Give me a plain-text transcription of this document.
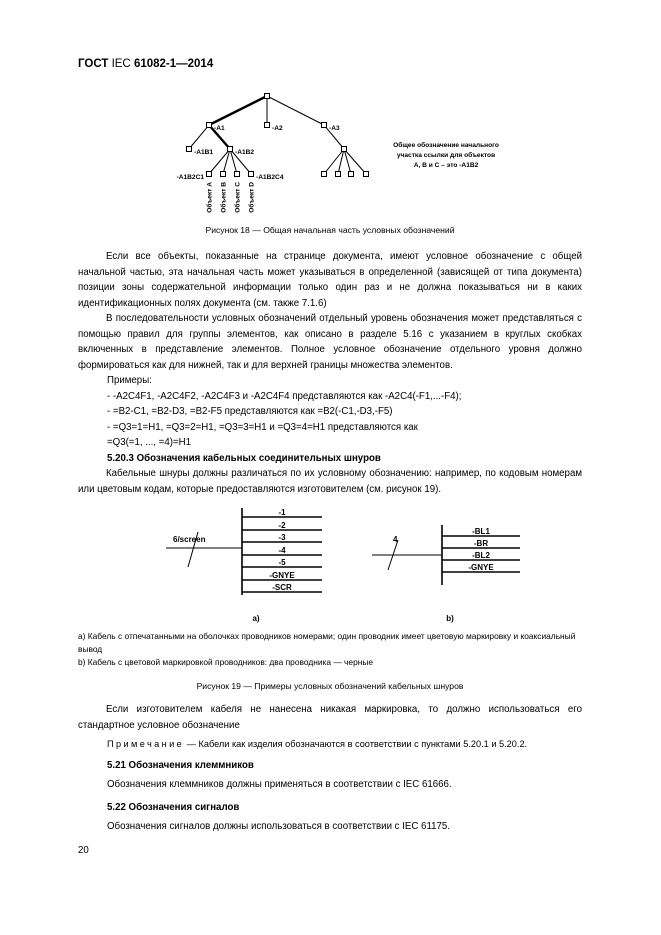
ГОСТ IEC 61082-1—2014
-A1	-A2	-A3
-A1B1	-A1B2
-A1B2C1	-A1B2C4
Объект A Объект B Объект C Объект D
Общее обозначение начального
участка ссылки для объектов
А, В и С – это -A1B2
Рисунок 18 — Общая начальная часть условных обозначений
Если все объекты, показанные на странице документа, имеют условное обозначение с общей начальной частью, эта начальная часть может указываться в определенной (зависящей от типа документа) позиции зоны содержательной информации только один раз и не должна показываться ни в каких идентификационных полях документа (см. также 7.1.6)
В последовательности условных обозначений отдельный уровень обозначения может представляться с помощью правил для группы элементов, как описано в разделе 5.16 с указанием в круглых скобках включенных в представление элементов. Полное условное обозначение отдельного уровня должно формироваться как для нижней, так и для верхней границы множества элементов.
Примеры:
- -A2C4F1, -A2C4F2, -A2C4F3 и -A2C4F4 представляются как -A2C4(-F1,...-F4);
- =B2-C1, =B2-D3, =B2-F5 представляются как =B2(-C1,-D3,-F5)
- =Q3=1=H1, =Q3=2=H1, =Q3=3=H1 и =Q3=4=H1 представляются как
=Q3(=1, ..., =4)=H1
5.20.3 Обозначения кабельных соединительных шнуров
Кабельные шнуры должны различаться по их условному обозначению: например, по кодовым номерам или цветовым кодам, которые предоставляются изготовителем (см. рисунок 19).
6/screen
-1
-2
-3
-4
-5
-GNYE
-SCR
a)
4
-BL1
-BR
-BL2
-GNYE
b)
a) Кабель с отпечатанными на оболочках проводников номерами; один проводник имеет цветовую маркировку и коаксиальный вывод
b) Кабель с цветовой маркировкой проводников: два проводника — черные
Рисунок 19 — Примеры условных обозначений кабельных шнуров
Если изготовителем кабеля не нанесена никакая маркировка, то должно использоваться его стандартное условное обозначение
Примечание — Кабели как изделия обозначаются в соответствии с пунктами 5.20.1 и 5.20.2.
5.21 Обозначения клеммников
Обозначения клеммников должны применяться в соответствии с IEC 61666.
5.22 Обозначения сигналов
Обозначения сигналов должны использоваться в соответствии с IEC 61175.
20
